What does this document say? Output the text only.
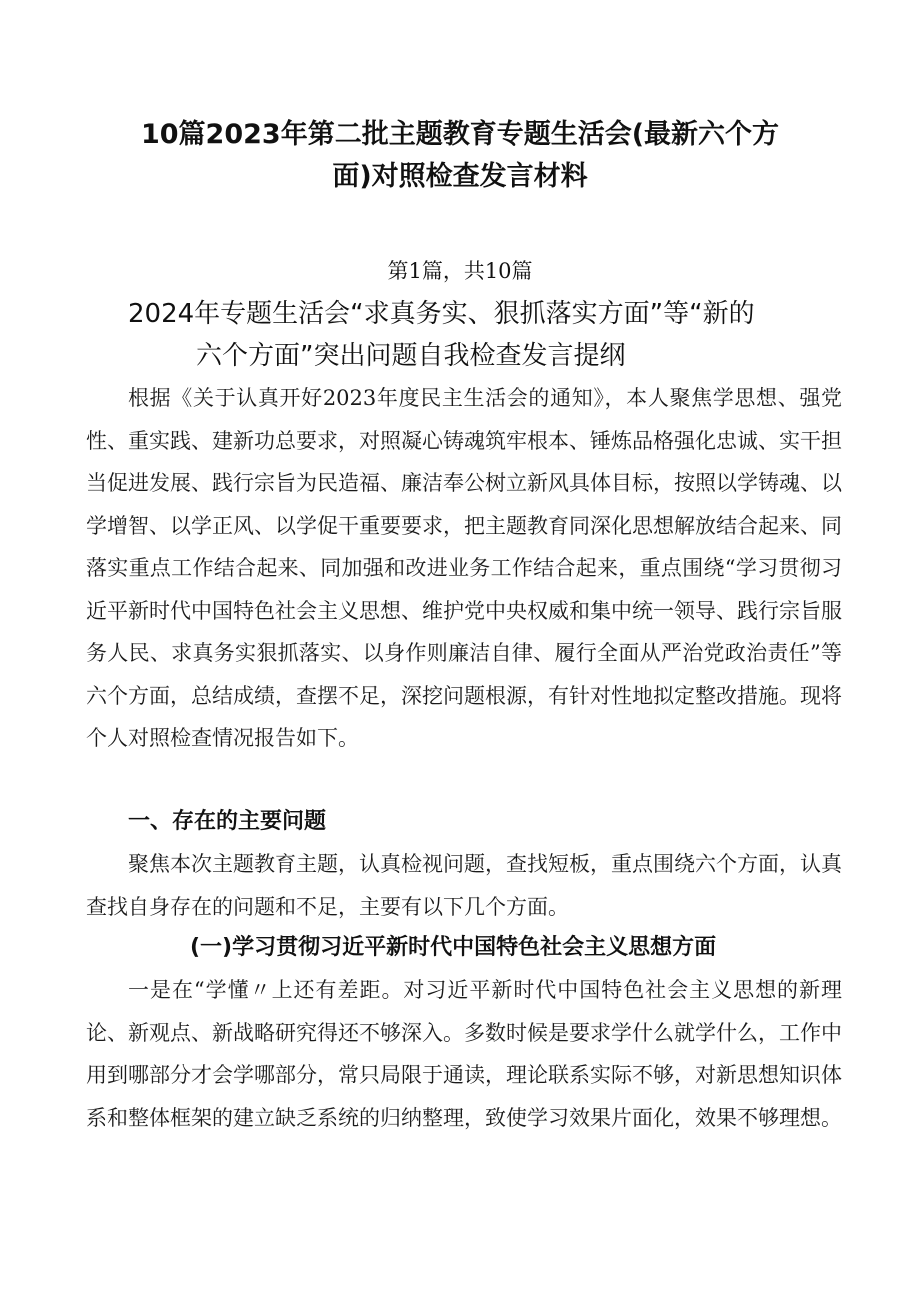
10篇2023年第二批主题教育专题生活会(最新六个方
面)对照检查发言材料
第1篇，共10篇
2024年专题生活会“求真务实、狠抓落实方面”等“新的
六个方面”突出问题自我检查发言提纲

根据《关于认真开好2023年度民主生活会的通知》，本人聚焦学思想、强党性、重实践、建新功总要求，对照凝心铸魂筑牢根本、锤炼品格强化忠诚、实干担当促进发展、践行宗旨为民造福、廉洁奉公树立新风具体目标，按照以学铸魂、以学增智、以学正风、以学促干重要要求，把主题教育同深化思想解放结合起来、同落实重点工作结合起来、同加强和改进业务工作结合起来，重点围绕“学习贯彻习近平新时代中国特色社会主义思想、维护党中央权威和集中统一领导、践行宗旨服务人民、求真务实狠抓落实、以身作则廉洁自律、履行全面从严治党政治责任”等六个方面，总结成绩，查摆不足，深挖问题根源，有针对性地拟定整改措施。现将个人对照检查情况报告如下。

一、存在的主要问题

聚焦本次主题教育主题，认真检视问题，查找短板，重点围绕六个方面，认真查找自身存在的问题和不足，主要有以下几个方面。

(一)学习贯彻习近平新时代中国特色社会主义思想方面

一是在“学懂〃上还有差距。对习近平新时代中国特色社会主义思想的新理论、新观点、新战略研究得还不够深入。多数时候是要求学什么就学什么，工作中用到哪部分才会学哪部分，常只局限于通读，理论联系实际不够，对新思想知识体系和整体框架的建立缺乏系统的归纳整理，致使学习效果片面化，效果不够理想。
